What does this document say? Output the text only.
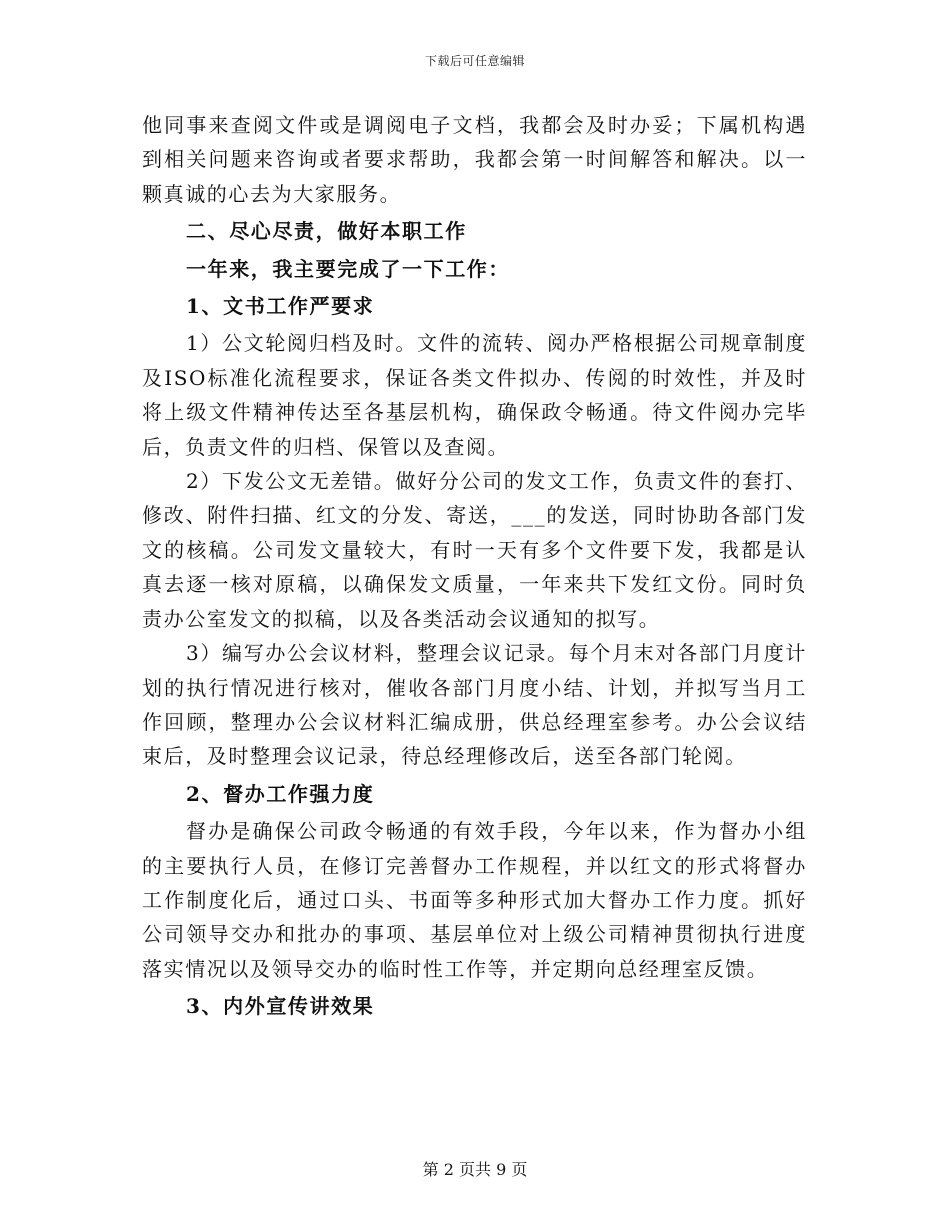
下载后可任意编辑

他同事来查阅文件或是调阅电子文档，我都会及时办妥；下属机构遇到相关问题来咨询或者要求帮助，我都会第一时间解答和解决。以一颗真诚的心去为大家服务。

二、尽心尽责，做好本职工作

一年来，我主要完成了一下工作：

1、文书工作严要求

1）公文轮阅归档及时。文件的流转、阅办严格根据公司规章制度及ISO标准化流程要求，保证各类文件拟办、传阅的时效性，并及时将上级文件精神传达至各基层机构，确保政令畅通。待文件阅办完毕后，负责文件的归档、保管以及查阅。

2）下发公文无差错。做好分公司的发文工作，负责文件的套打、修改、附件扫描、红文的分发、寄送，___的发送，同时协助各部门发文的核稿。公司发文量较大，有时一天有多个文件要下发，我都是认真去逐一核对原稿，以确保发文质量，一年来共下发红文份。同时负责办公室发文的拟稿，以及各类活动会议通知的拟写。

3）编写办公会议材料，整理会议记录。每个月末对各部门月度计划的执行情况进行核对，催收各部门月度小结、计划，并拟写当月工作回顾，整理办公会议材料汇编成册，供总经理室参考。办公会议结束后，及时整理会议记录，待总经理修改后，送至各部门轮阅。

2、督办工作强力度

督办是确保公司政令畅通的有效手段，今年以来，作为督办小组的主要执行人员，在修订完善督办工作规程，并以红文的形式将督办工作制度化后，通过口头、书面等多种形式加大督办工作力度。抓好公司领导交办和批办的事项、基层单位对上级公司精神贯彻执行进度落实情况以及领导交办的临时性工作等，并定期向总经理室反馈。

3、内外宣传讲效果

第 2 页共 9 页
